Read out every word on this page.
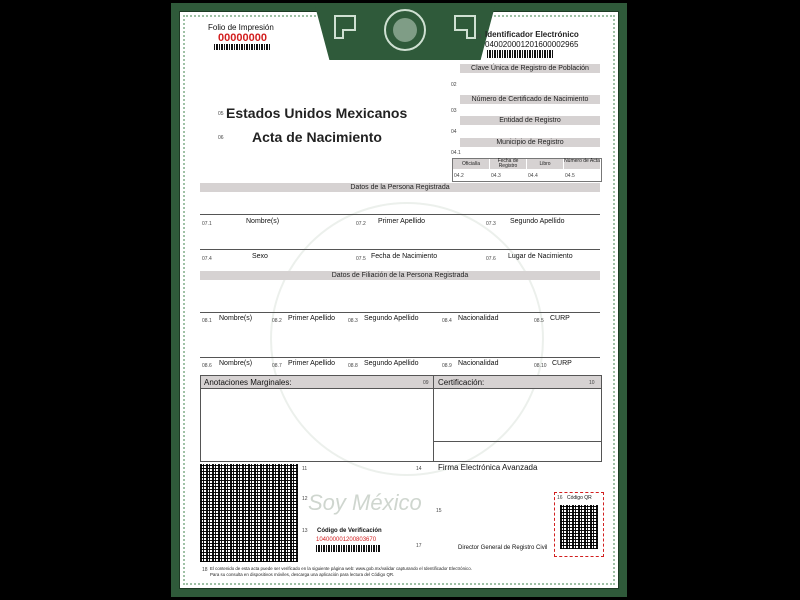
Folio de Impresión
00000000	01 Identificador Electrónico
040020001201600002965
05 Estados Unidos Mexicanos
06 Acta de Nacimiento
Clave Única de Registro de Población
02
Número de Certificado de Nacimiento
03
Entidad de Registro
04
Municipio de Registro
04.1
Oficialía	Fecha de Registro	Libro	Número de Acta
04.2	04.3	04.4	04.5
Datos de la Persona Registrada
07.1	Nombre(s)	07.2 Primer Apellido	07.3 Segundo Apellido
07.4	Sexo	07.5 Fecha de Nacimiento	07.6 Lugar de Nacimiento
Datos de Filiación de la Persona Registrada
08.1 Nombre(s)	08.2 Primer Apellido	08.3 Segundo Apellido	08.4 Nacionalidad	08.5 CURP
08.6 Nombre(s)	08.7 Primer Apellido	08.8 Segundo Apellido	08.9 Nacionalidad	08.10 CURP
Anotaciones Marginales:	09 Certificación:	10
11
12 Soy México
13 Código de Verificación
104000001200803670
14 Firma Electrónica Avanzada
15
17	Director General de Registro Civil
16 Código QR
18 El contenido de esta acta puede ser verificado en la siguiente página web: www.gob.mx/validar capturando el Identificador Electrónico.
Para su consulta en dispositivos móviles, descarga una aplicación para lectura del Código QR.
